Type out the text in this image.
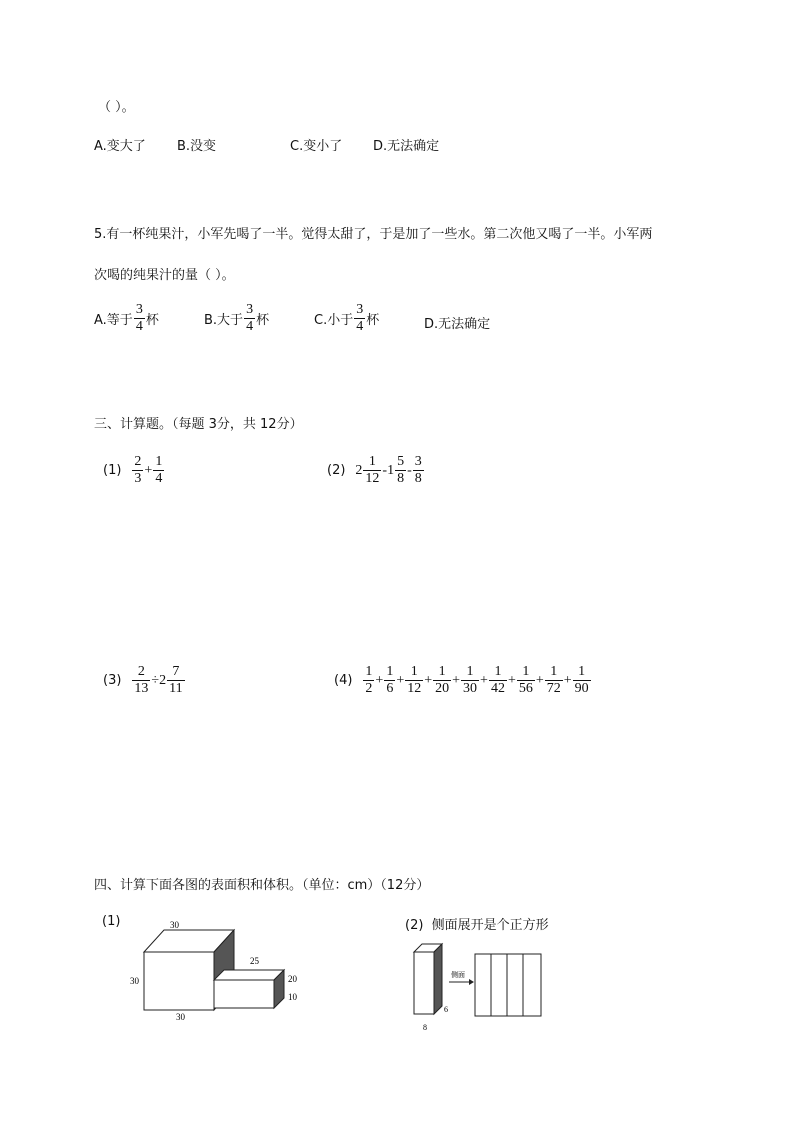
（ ）。
A.变大了 B.没变	C.变小了 D.无法确定
5.有一杯纯果汁，小军先喝了一半。觉得太甜了，于是加了一些水。第二次他又喝了一半。小军两
次喝的纯果汁的量（ ）。
A.等于 $\frac{3}{4}$ 杯	B.大于 $\frac{3}{4}$ 杯	C.小于 $\frac{3}{4}$ 杯	D.无法确定
三、计算题。（每题 3分，共 12分）
$(1) \frac{2}{3} + \frac{1}{4}$	(2) $2 \frac{1}{12} -1 \frac{5}{8} - \frac{3}{8}$
$(3) \frac{2}{13} \div 2 \frac{7}{11}$	$(4) \frac{1}{2} + \frac{1}{6} + \frac{1}{12} + \frac{1}{20} + \frac{1}{30} + \frac{1}{42} + \frac{1}{56} + \frac{1}{72} + \frac{1}{90}$
四、计算下面各图的表面积和体积。（单位：cm）（12分）
(1)	30
30
30
25
20
10
(2) 侧面展开是个正方形
8
6
侧面
